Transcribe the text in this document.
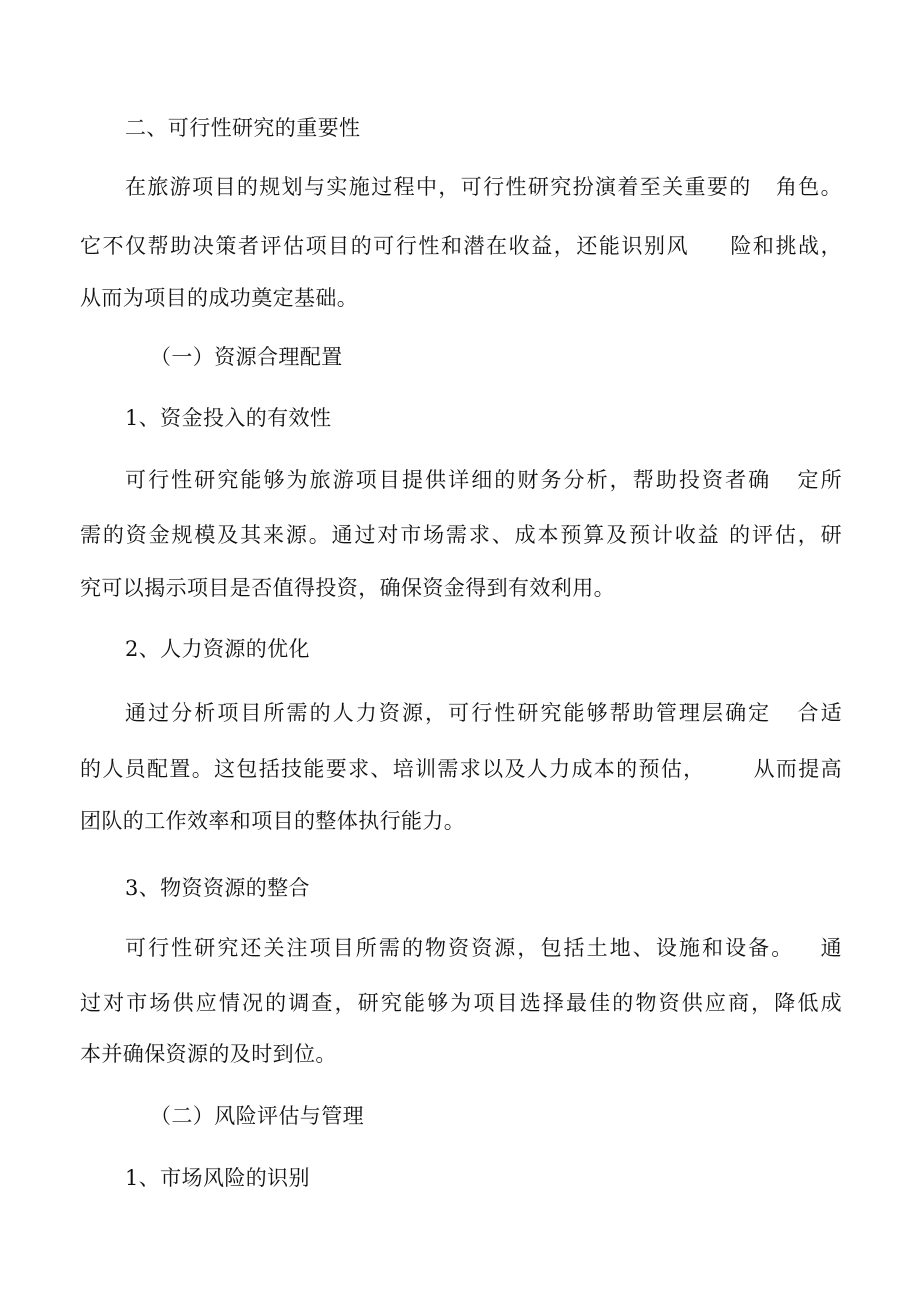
二、可行性研究的重要性
在旅游项目的规划与实施过程中，可行性研究扮演着至关重要的   角色。
它不仅帮助决策者评估项目的可行性和潜在收益，还能识别风     险和挑战，
从而为项目的成功奠定基础。
（一）资源合理配置
1、资金投入的有效性
可行性研究能够为旅游项目提供详细的财务分析，帮助投资者确   定所
需的资金规模及其来源。通过对市场需求、成本预算及预计收益 的评估，研
究可以揭示项目是否值得投资，确保资金得到有效利用。
2、人力资源的优化
通过分析项目所需的人力资源，可行性研究能够帮助管理层确定   合适
的人员配置。这包括技能要求、培训需求以及人力成本的预估，      从而提高
团队的工作效率和项目的整体执行能力。
3、物资资源的整合
可行性研究还关注项目所需的物资资源，包括土地、设施和设备。   通
过对市场供应情况的调查，研究能够为项目选择最佳的物资供应商，降低成
本并确保资源的及时到位。
（二）风险评估与管理
1、市场风险的识别
